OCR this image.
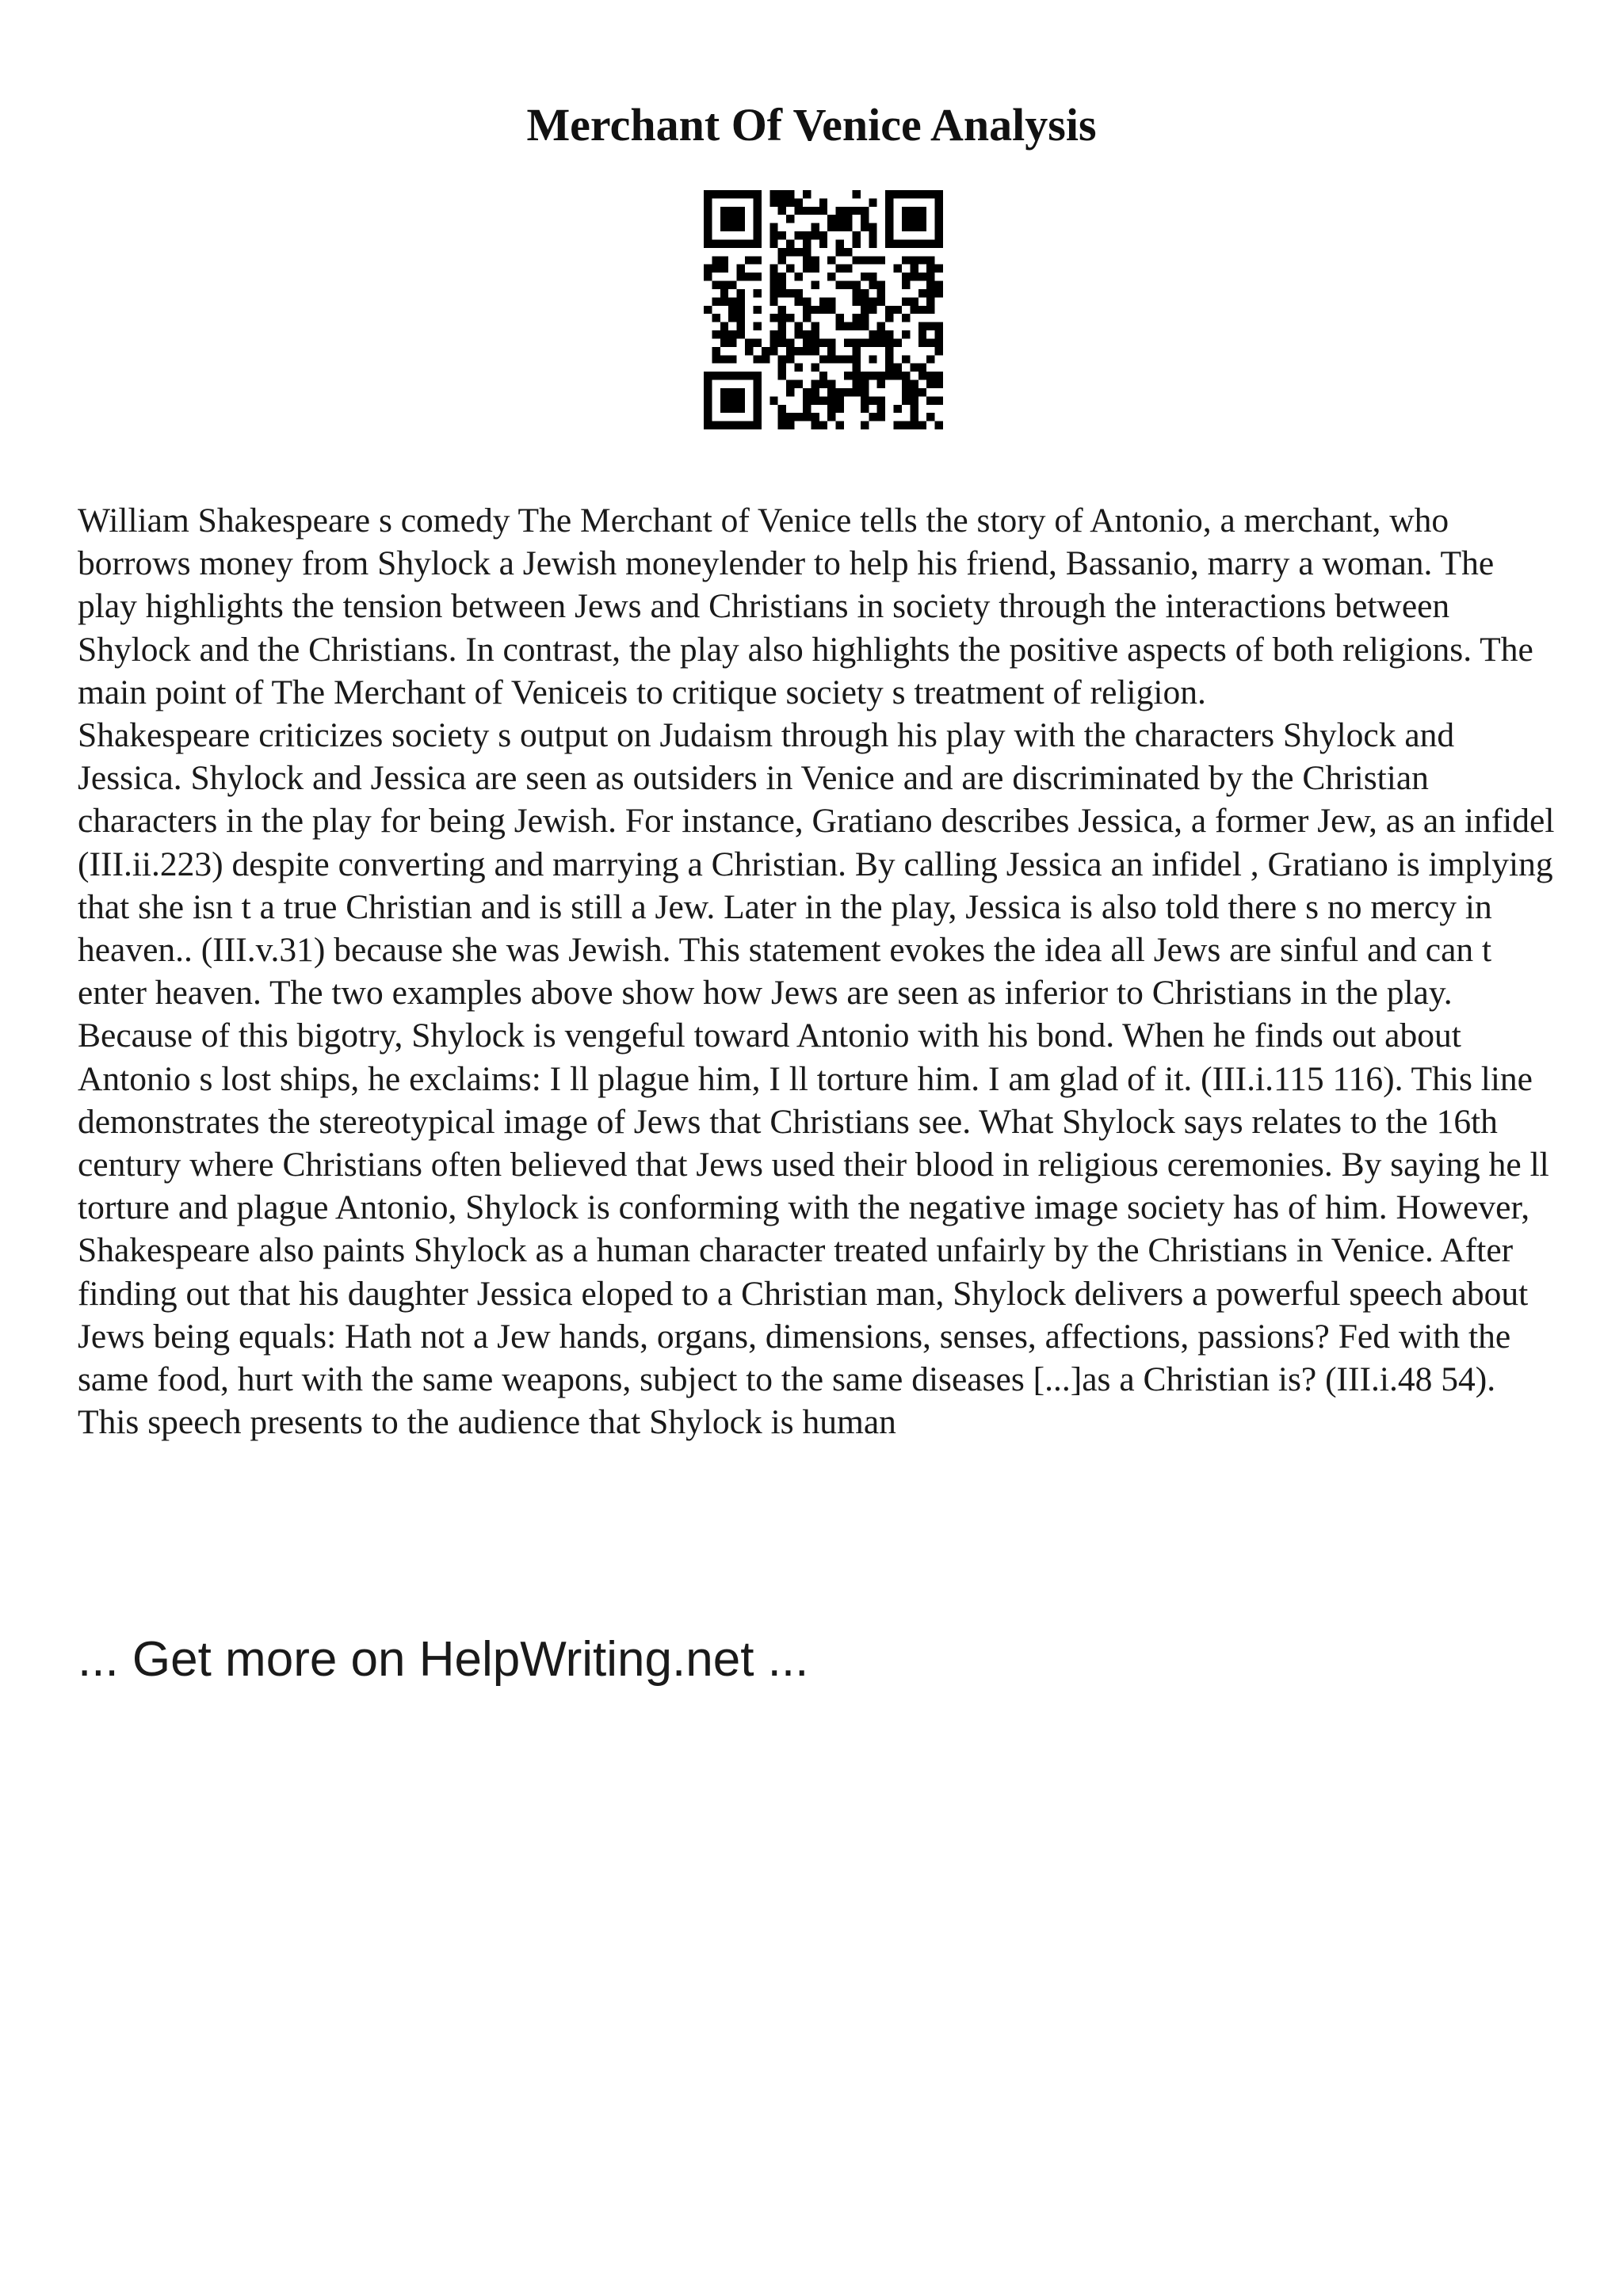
Merchant Of Venice Analysis

William Shakespeare s comedy The Merchant of Venice tells the story of Antonio, a merchant, who borrows money from Shylock a Jewish moneylender to help his friend, Bassanio, marry a woman. The play highlights the tension between Jews and Christians in society through the interactions between Shylock and the Christians. In contrast, the play also highlights the positive aspects of both religions. The main point of The Merchant of Veniceis to critique society s treatment of religion.

Shakespeare criticizes society s output on Judaism through his play with the characters Shylock and Jessica. Shylock and Jessica are seen as outsiders in Venice and are discriminated by the Christian characters in the play for being Jewish. For instance, Gratiano describes Jessica, a former Jew, as an infidel (III.ii.223) despite converting and marrying a Christian. By calling Jessica an infidel , Gratiano is implying that she isn t a true Christian and is still a Jew. Later in the play, Jessica is also told there s no mercy in heaven.. (III.v.31) because she was Jewish. This statement evokes the idea all Jews are sinful and can t enter heaven. The two examples above show how Jews are seen as inferior to Christians in the play. Because of this bigotry, Shylock is vengeful toward Antonio with his bond. When he finds out about Antonio s lost ships, he exclaims: I ll plague him, I ll torture him. I am glad of it. (III.i.115 116). This line demonstrates the stereotypical image of Jews that Christians see. What Shylock says relates to the 16th century where Christians often believed that Jews used their blood in religious ceremonies. By saying he ll torture and plague Antonio, Shylock is conforming with the negative image society has of him. However, Shakespeare also paints Shylock as a human character treated unfairly by the Christians in Venice. After finding out that his daughter Jessica eloped to a Christian man, Shylock delivers a powerful speech about Jews being equals: Hath not a Jew hands, organs, dimensions, senses, affections, passions? Fed with the same food, hurt with the same weapons, subject to the same diseases [...]as a Christian is? (III.i.48 54). This speech presents to the audience that Shylock is human

... Get more on HelpWriting.net ...
